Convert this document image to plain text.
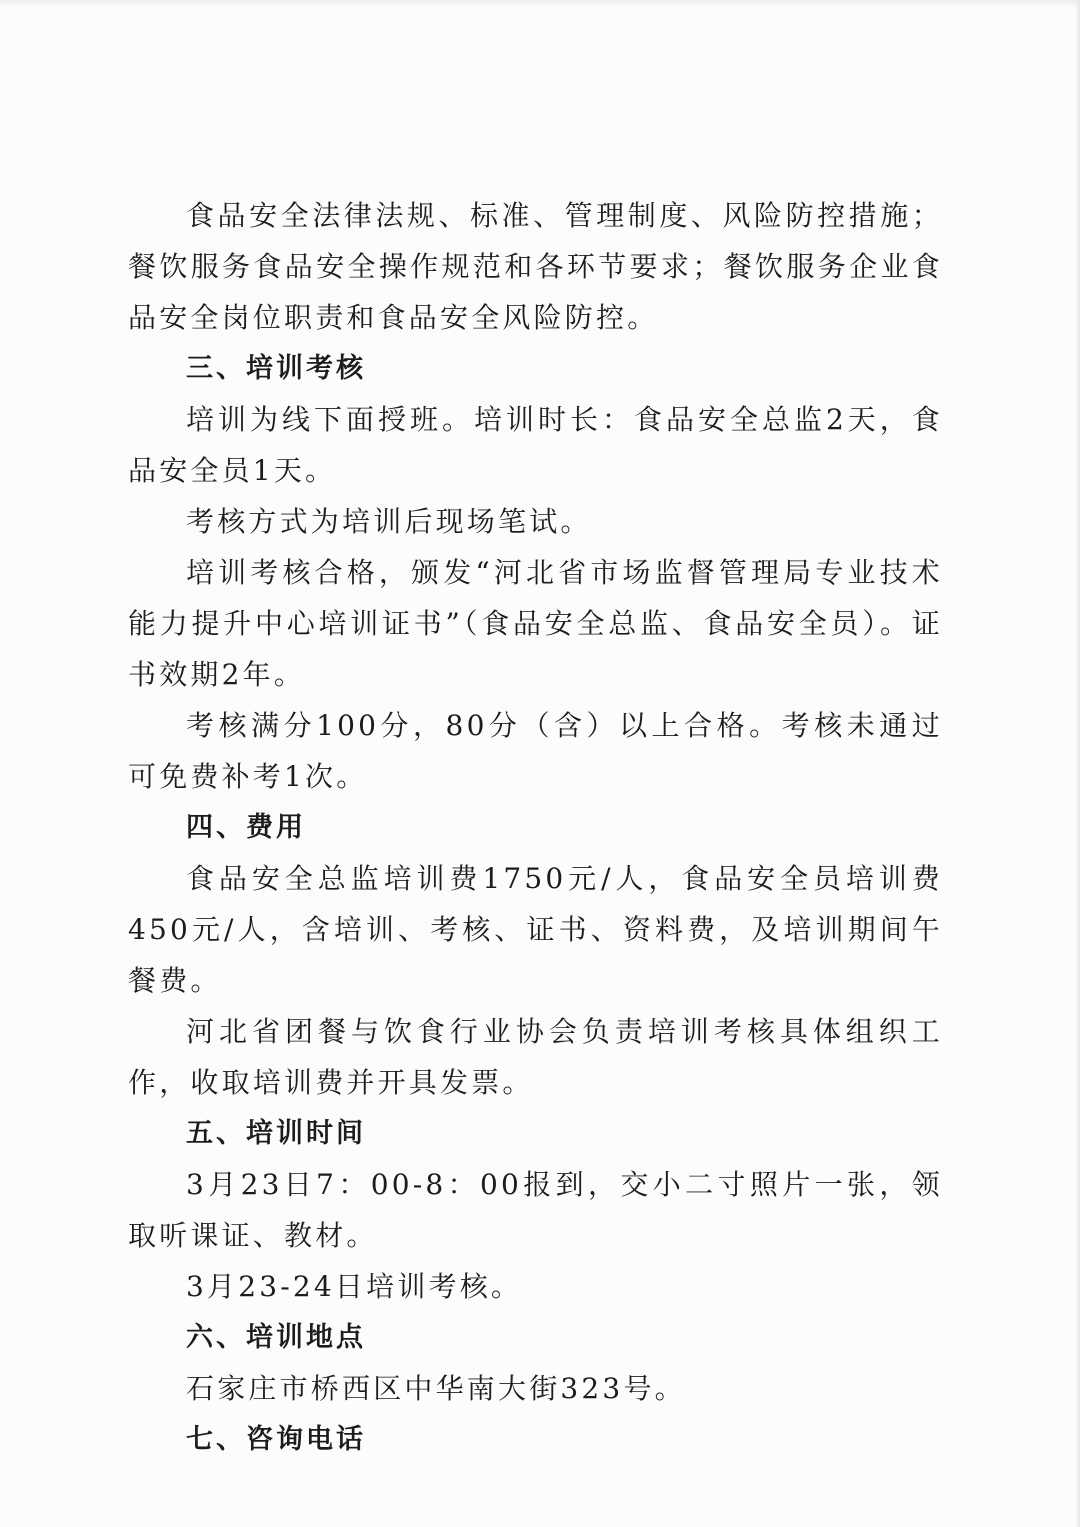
食品安全法律法规、标准、管理制度、风险防控措施；餐饮服务食品安全操作规范和各环节要求；餐饮服务企业食品安全岗位职责和食品安全风险防控。

三、培训考核

培训为线下面授班。培训时长：食品安全总监2天，食品安全员1天。

考核方式为培训后现场笔试。

培训考核合格，颁发“河北省市场监督管理局专业技术能力提升中心培训证书”（食品安全总监、食品安全员）。证书效期2年。

考核满分100分，80分（含）以上合格。考核未通过可免费补考1次。

四、费用

食品安全总监培训费1750元/人，食品安全员培训费450元/人，含培训、考核、证书、资料费，及培训期间午餐费。

河北省团餐与饮食行业协会负责培训考核具体组织工作，收取培训费并开具发票。

五、培训时间

3月23日7：00-8：00报到，交小二寸照片一张，领取听课证、教材。

3月23-24日培训考核。

六、培训地点

石家庄市桥西区中华南大街323号。

七、咨询电话
